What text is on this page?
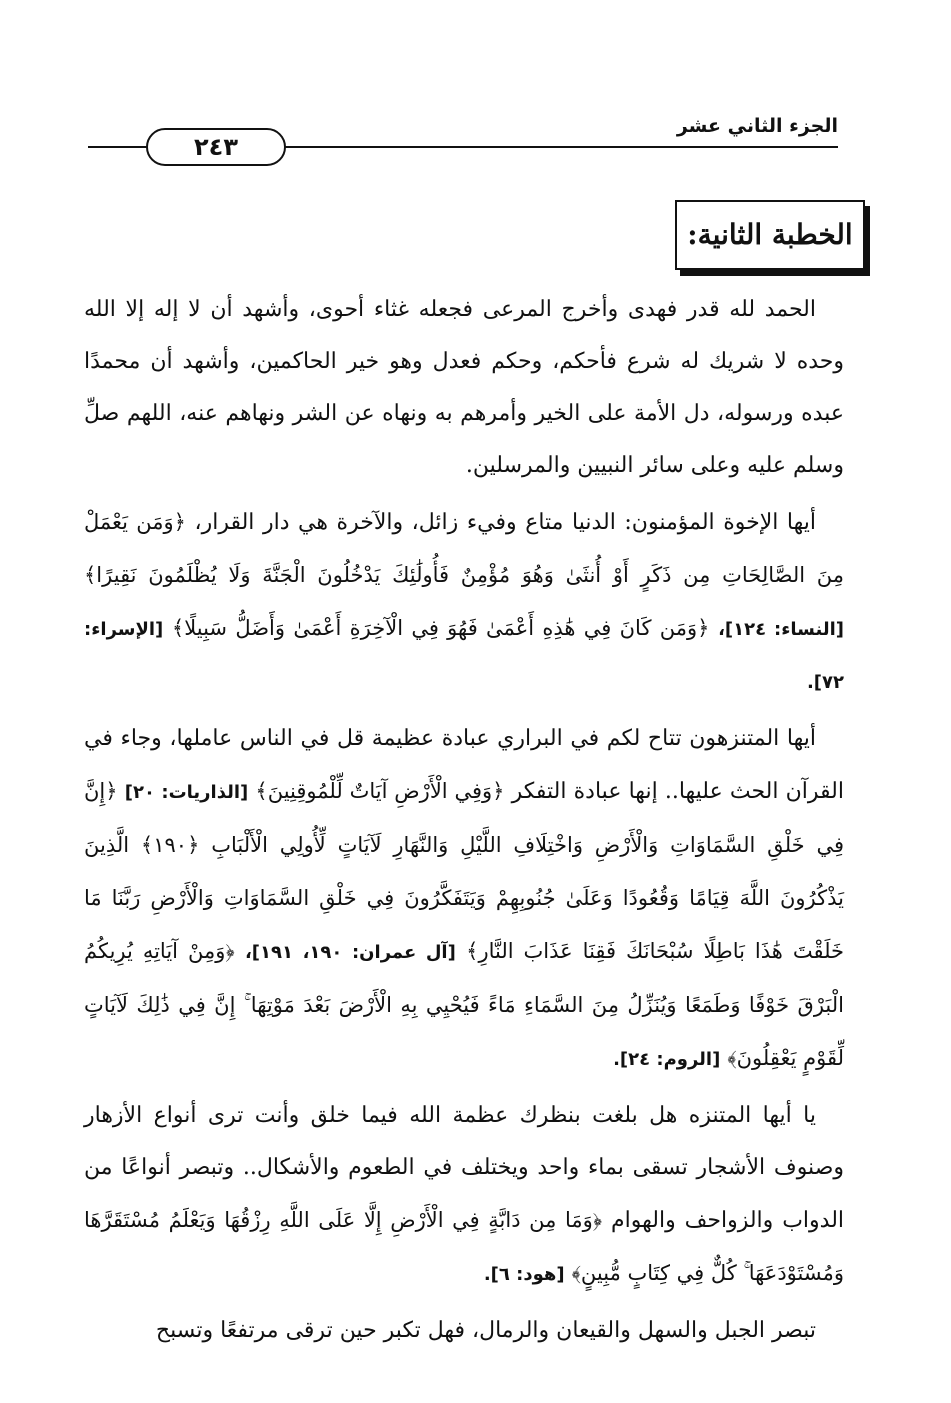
٢٤٣
الجزء الثاني عشر
الخطبة الثانية:

الحمد لله قدر فهدى وأخرج المرعى فجعله غثاء أحوى، وأشهد أن لا إله إلا الله وحده لا شريك له شرع فأحكم، وحكم فعدل وهو خير الحاكمين، وأشهد أن محمدًا عبده ورسوله، دل الأمة على الخير وأمرهم به ونهاه عن الشر ونهاهم عنه، اللهم صلِّ وسلم عليه وعلى سائر النبيين والمرسلين.

أيها الإخوة المؤمنون: الدنيا متاع وفيء زائل، والآخرة هي دار القرار، ﴿وَمَن يَعْمَلْ مِنَ الصَّالِحَاتِ مِن ذَكَرٍ أَوْ أُنثَىٰ وَهُوَ مُؤْمِنٌ فَأُولَٰئِكَ يَدْخُلُونَ الْجَنَّةَ وَلَا يُظْلَمُونَ نَقِيرًا﴾ [النساء: ١٢٤]، ﴿وَمَن كَانَ فِي هَٰذِهِ أَعْمَىٰ فَهُوَ فِي الْآخِرَةِ أَعْمَىٰ وَأَضَلُّ سَبِيلًا﴾ [الإسراء: ٧٢].

أيها المتنزهون تتاح لكم في البراري عبادة عظيمة قل في الناس عاملها، وجاء في القرآن الحث عليها.. إنها عبادة التفكر ﴿وَفِي الْأَرْضِ آيَاتٌ لِّلْمُوقِنِينَ﴾ [الذاريات: ٢٠] ﴿إِنَّ فِي خَلْقِ السَّمَاوَاتِ وَالْأَرْضِ وَاخْتِلَافِ اللَّيْلِ وَالنَّهَارِ لَآيَاتٍ لِّأُولِي الْأَلْبَابِ ﴿١٩٠﴾ الَّذِينَ يَذْكُرُونَ اللَّهَ قِيَامًا وَقُعُودًا وَعَلَىٰ جُنُوبِهِمْ وَيَتَفَكَّرُونَ فِي خَلْقِ السَّمَاوَاتِ وَالْأَرْضِ رَبَّنَا مَا خَلَقْتَ هَٰذَا بَاطِلًا سُبْحَانَكَ فَقِنَا عَذَابَ النَّارِ﴾ [آل عمران: ١٩٠، ١٩١]، ﴿وَمِنْ آيَاتِهِ يُرِيكُمُ الْبَرْقَ خَوْفًا وَطَمَعًا وَيُنَزِّلُ مِنَ السَّمَاءِ مَاءً فَيُحْيِي بِهِ الْأَرْضَ بَعْدَ مَوْتِهَا ۚ إِنَّ فِي ذَٰلِكَ لَآيَاتٍ لِّقَوْمٍ يَعْقِلُونَ﴾ [الروم: ٢٤].

يا أيها المتنزه هل بلغت بنظرك عظمة الله فيما خلق وأنت ترى أنواع الأزهار وصنوف الأشجار تسقى بماء واحد ويختلف في الطعوم والأشكال.. وتبصر أنواعًا من الدواب والزواحف والهوام ﴿وَمَا مِن دَابَّةٍ فِي الْأَرْضِ إِلَّا عَلَى اللَّهِ رِزْقُهَا وَيَعْلَمُ مُسْتَقَرَّهَا وَمُسْتَوْدَعَهَا ۚ كُلٌّ فِي كِتَابٍ مُّبِينٍ﴾ [هود: ٦].

تبصر الجبل والسهل والقيعان والرمال، فهل تكبر حين ترقى مرتفعًا وتسبح
